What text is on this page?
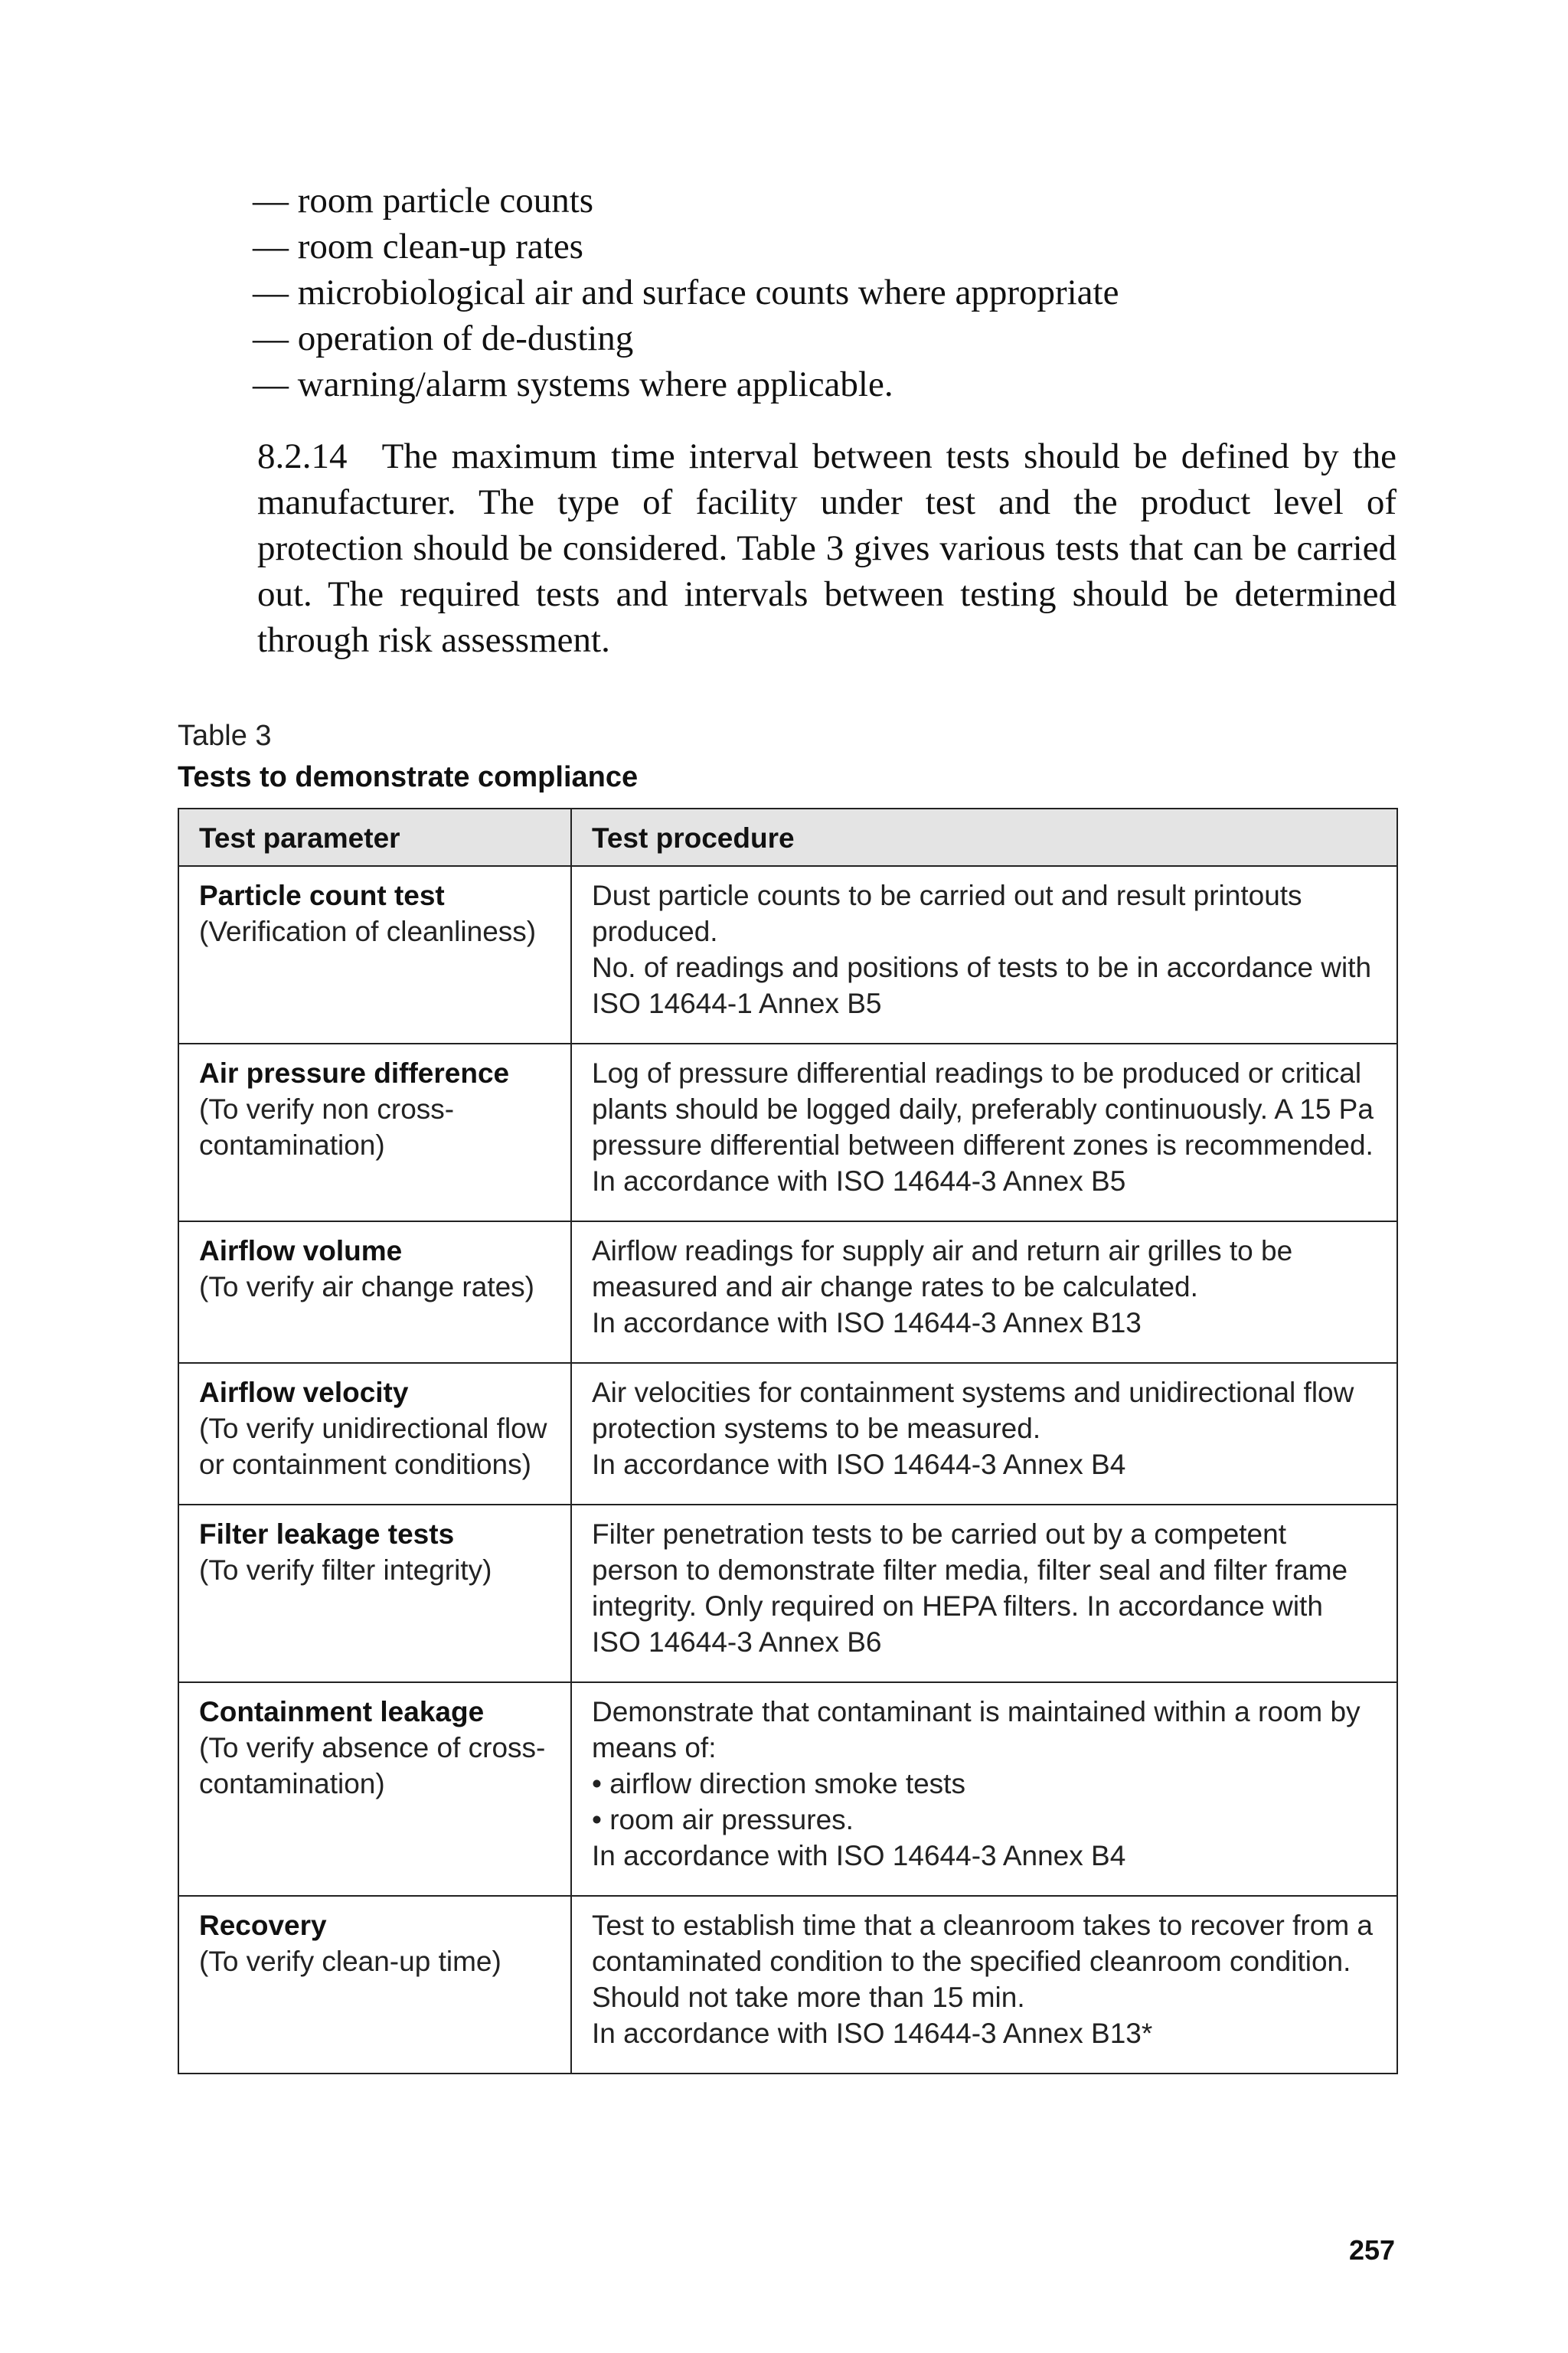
— room particle counts
— room clean-up rates
— microbiological air and surface counts where appropriate
— operation of de-dusting
— warning/alarm systems where applicable.

8.2.14 The maximum time interval between tests should be defined by the manufacturer. The type of facility under test and the product level of protection should be considered. Table 3 gives various tests that can be carried out. The required tests and intervals between testing should be determined through risk assessment.

Table 3
Tests to demonstrate compliance
Test parameter	Test procedure

Particle count test
(Verification of cleanliness)	Dust particle counts to be carried out and result printouts produced.
No. of readings and positions of tests to be in accordance with ISO 14644-1 Annex B5

Air pressure difference
(To verify non cross-contamination)	Log of pressure differential readings to be produced or critical plants should be logged daily, preferably continuously. A 15 Pa pressure differential between different zones is recommended.
In accordance with ISO 14644-3 Annex B5

Airflow volume
(To verify air change rates)	Airflow readings for supply air and return air grilles to be measured and air change rates to be calculated.
In accordance with ISO 14644-3 Annex B13

Airflow velocity
(To verify unidirectional flow or containment conditions)	Air velocities for containment systems and unidirectional flow protection systems to be measured.
In accordance with ISO 14644-3 Annex B4

Filter leakage tests
(To verify filter integrity)	Filter penetration tests to be carried out by a competent person to demonstrate filter media, filter seal and filter frame integrity. Only required on HEPA filters. In accordance with ISO 14644-3 Annex B6

Containment leakage
(To verify absence of cross-contamination)	Demonstrate that contaminant is maintained within a room by means of:
• airflow direction smoke tests
• room air pressures.
In accordance with ISO 14644-3 Annex B4

Recovery
(To verify clean-up time)	Test to establish time that a cleanroom takes to recover from a contaminated condition to the specified cleanroom condition. Should not take more than 15 min.
In accordance with ISO 14644-3 Annex B13*
257
